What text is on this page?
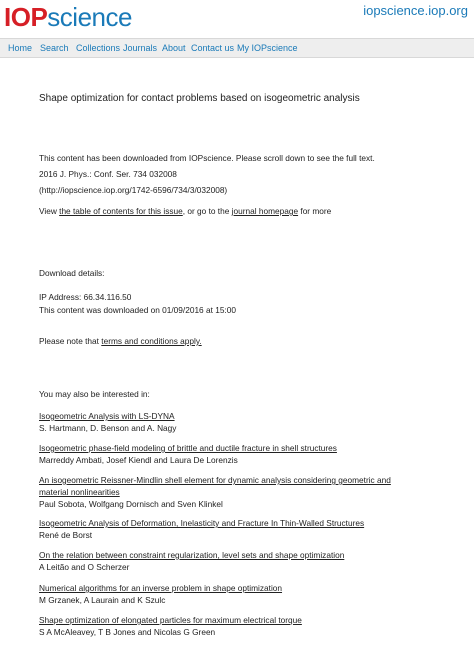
IOPscience	iopscience.iop.org
Home Search Collections Journals About Contact us My IOPscience
Shape optimization for contact problems based on isogeometric analysis
This content has been downloaded from IOPscience. Please scroll down to see the full text.
2016 J. Phys.: Conf. Ser. 734 032008
(http://iopscience.iop.org/1742-6596/734/3/032008)
View the table of contents for this issue, or go to the journal homepage for more
Download details:
IP Address: 66.34.116.50
This content was downloaded on 01/09/2016 at 15:00
Please note that terms and conditions apply.
You may also be interested in:
Isogeometric Analysis with LS-DYNA
S. Hartmann, D. Benson and A. Nagy
Isogeometric phase-field modeling of brittle and ductile fracture in shell structures
Marreddy Ambati, Josef Kiendl and Laura De Lorenzis
An isogeometric Reissner-Mindlin shell element for dynamic analysis considering geometric and
material nonlinearities
Paul Sobota, Wolfgang Dornisch and Sven Klinkel
Isogeometric Analysis of Deformation, Inelasticity and Fracture In Thin-Walled Structures
René de Borst
On the relation between constraint regularization, level sets and shape optimization
A Leitão and O Scherzer
Numerical algorithms for an inverse problem in shape optimization
M Grzanek, A Laurain and K Szulc
Shape optimization of elongated particles for maximum electrical torque
S A McAleavey, T B Jones and Nicolas G Green
